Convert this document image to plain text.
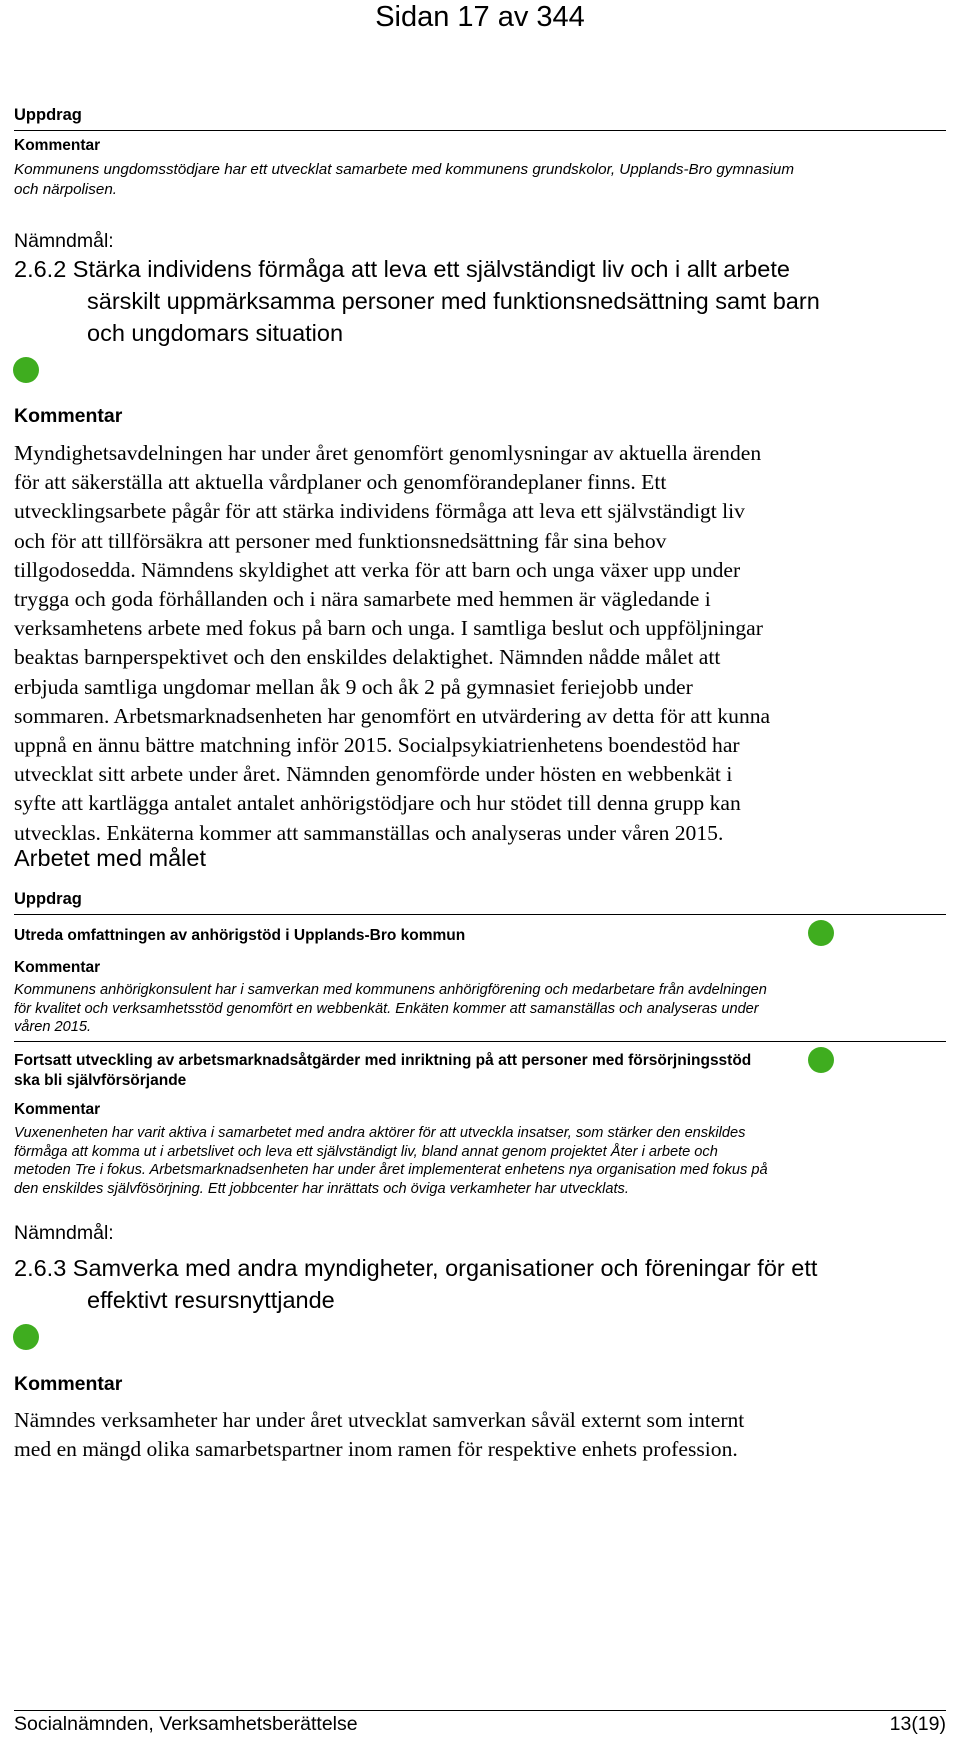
Sidan 17 av 344
Uppdrag
Kommentar
Kommunens ungdomsstödjare har ett utvecklat samarbete med kommunens grundskolor, Upplands-Bro gymnasium
och närpolisen.
Nämndmål:
2.6.2 Stärka individens förmåga att leva ett självständigt liv och i allt arbete
särskilt uppmärksamma personer med funktionsnedsättning samt barn
och ungdomars situation
Kommentar
Myndighetsavdelningen har under året genomfört genomlysningar av aktuella ärenden
för att säkerställa att aktuella vårdplaner och genomförandeplaner finns. Ett
utvecklingsarbete pågår för att stärka individens förmåga att leva ett självständigt liv
och för att tillförsäkra att personer med funktionsnedsättning får sina behov
tillgodosedda. Nämndens skyldighet att verka för att barn och unga växer upp under
trygga och goda förhållanden och i nära samarbete med hemmen är vägledande i
verksamhetens arbete med fokus på barn och unga. I samtliga beslut och uppföljningar
beaktas barnperspektivet och den enskildes delaktighet. Nämnden nådde målet att
erbjuda samtliga ungdomar mellan åk 9 och åk 2 på gymnasiet feriejobb under
sommaren. Arbetsmarknadsenheten har genomfört en utvärdering av detta för att kunna
uppnå en ännu bättre matchning inför 2015. Socialpsykiatrienhetens boendestöd har
utvecklat sitt arbete under året. Nämnden genomförde under hösten en webbenkät i
syfte att kartlägga antalet antalet anhörigstödjare och hur stödet till denna grupp kan
utvecklas. Enkäterna kommer att sammanställas och analyseras under våren 2015.
Arbetet med målet
Uppdrag
Utreda omfattningen av anhörigstöd i Upplands-Bro kommun
Kommentar
Kommunens anhörigkonsulent har i samverkan med kommunens anhörigförening och medarbetare från avdelningen
för kvalitet och verksamhetsstöd genomfört en webbenkät. Enkäten kommer att samanställas och analyseras under
våren 2015.
Fortsatt utveckling av arbetsmarknadsåtgärder med inriktning på att personer med försörjningsstöd
ska bli självförsörjande
Kommentar
Vuxenenheten har varit aktiva i samarbetet med andra aktörer för att utveckla insatser, som stärker den enskildes
förmåga att komma ut i arbetslivet och leva ett självständigt liv, bland annat genom projektet Åter i arbete och
metoden Tre i fokus. Arbetsmarknadsenheten har under året implementerat enhetens nya organisation med fokus på
den enskildes självfösörjning. Ett jobbcenter har inrättats och öviga verkamheter har utvecklats.
Nämndmål:
2.6.3 Samverka med andra myndigheter, organisationer och föreningar för ett
effektivt resursnyttjande
Kommentar
Nämndes verksamheter har under året utvecklat samverkan såväl externt som internt
med en mängd olika samarbetspartner inom ramen för respektive enhets profession.
Socialnämnden, Verksamhetsberättelse	13(19)
